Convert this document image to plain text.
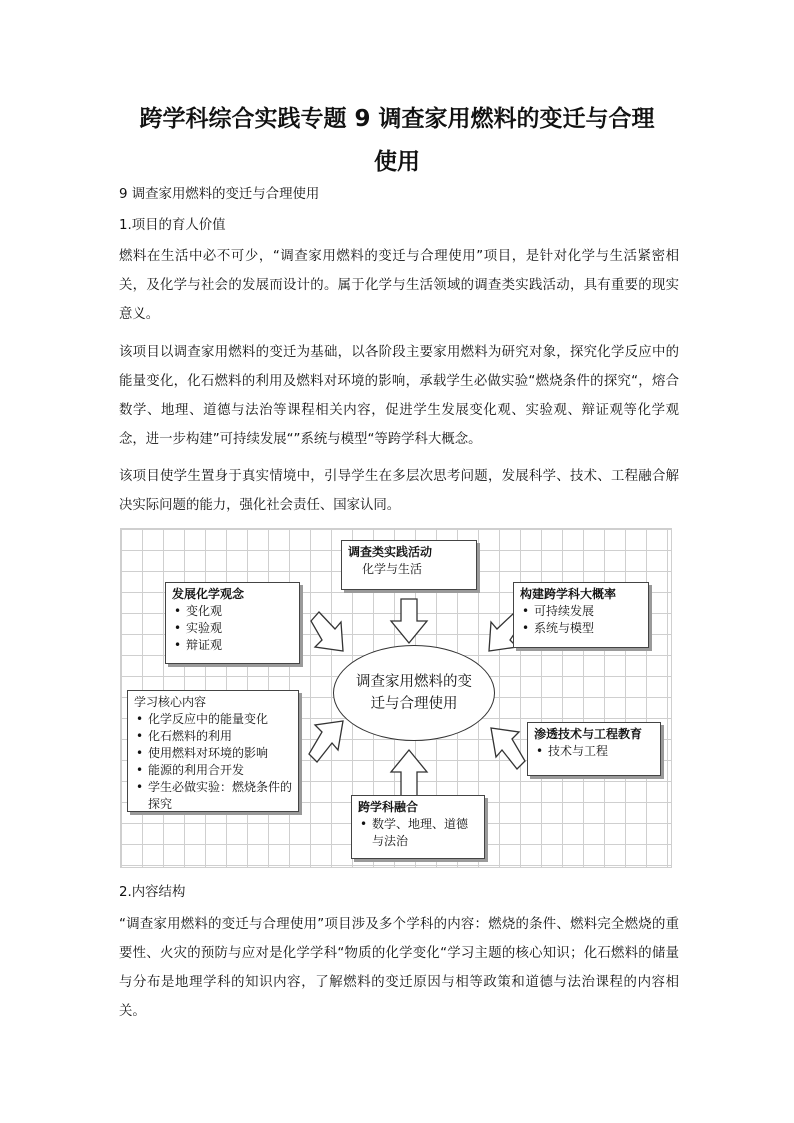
跨学科综合实践专题 9 调查家用燃料的变迁与合理
使用
9 调查家用燃料的变迁与合理使用
1.项目的育人价值
燃料在生活中必不可少，“调查家用燃料的变迁与合理使用”项目，是针对化学与生活紧密相关，及化学与社会的发展而设计的。属于化学与生活领域的调查类实践活动，具有重要的现实意义。
该项目以调查家用燃料的变迁为基础，以各阶段主要家用燃料为研究对象，探究化学反应中的能量变化，化石燃料的利用及燃料对环境的影响，承载学生必做实验“燃烧条件的探究“，熔合数学、地理、道德与法治等课程相关内容，促进学生发展变化观、实验观、辩证观等化学观念，进一步构建”可持续发展“”系统与模型“等跨学科大概念。
该项目使学生置身于真实情境中，引导学生在多层次思考问题，发展科学、技术、工程融合解决实际问题的能力，强化社会责任、国家认同。
调查类实践活动
化学与生活
发展化学观念
• 变化观
• 实验观
• 辩证观
构建跨学科大概率
• 可持续发展
• 系统与模型
调查家用燃料的变迁与合理使用
学习核心内容
• 化学反应中的能量变化
• 化石燃料的利用
• 使用燃料对环境的影响
• 能源的利用合开发
• 学生必做实验：燃烧条件的探究
渗透技术与工程教育
• 技术与工程
跨学科融合
• 数学、地理、道德与法治
2.内容结构
“调查家用燃料的变迁与合理使用”项目涉及多个学科的内容：燃烧的条件、燃料完全燃烧的重要性、火灾的预防与应对是化学学科“物质的化学变化“学习主题的核心知识；化石燃料的储量与分布是地理学科的知识内容，了解燃料的变迁原因与相等政策和道德与法治课程的内容相关。
